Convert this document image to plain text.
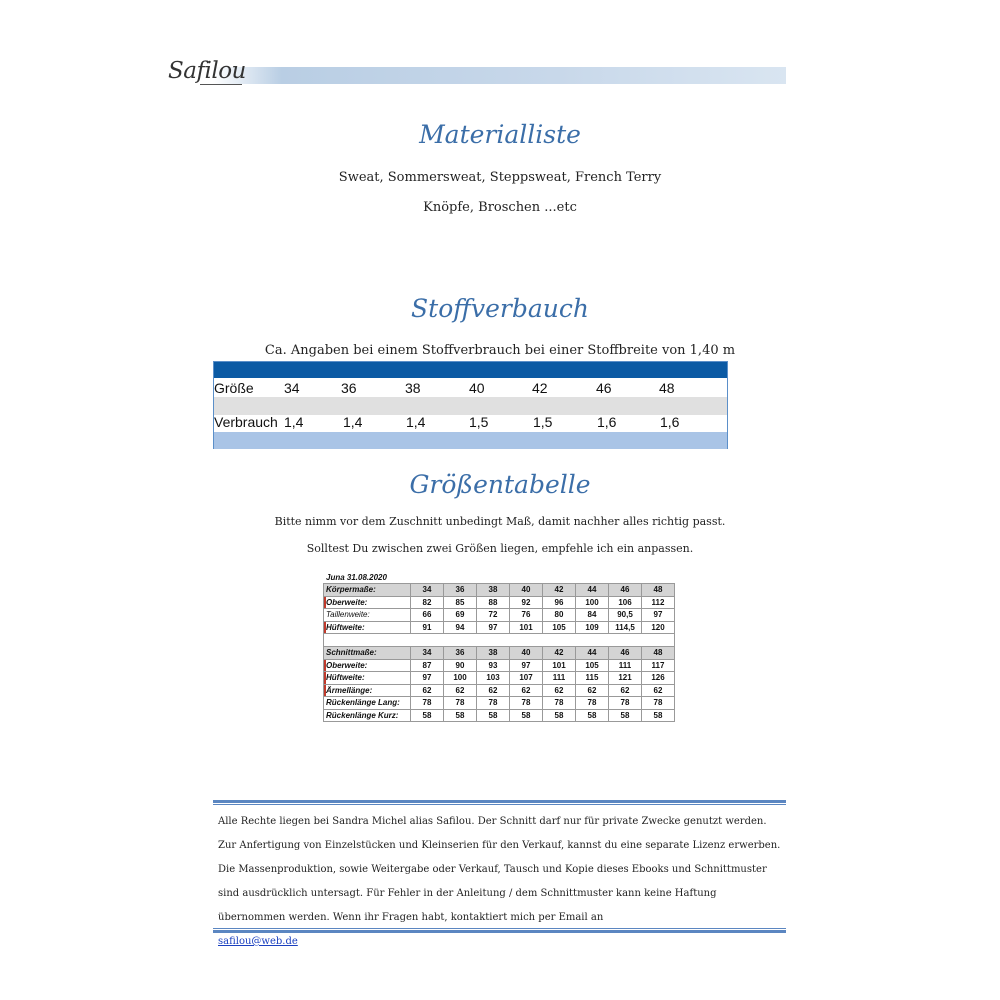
Safilou
Materialliste
Sweat, Sommersweat, Steppsweat, French Terry
Knöpfe, Broschen ...etc
Stoffverbauch
Ca. Angaben bei einem Stoffverbrauch bei einer Stoffbreite von 1,40 m
Größe 34	36	38	40	42	46	48
Verbrauch 1,4	1,4	1,4	1,5	1,5	1,6	1,6
Größentabelle
Bitte nimm vor dem Zuschnitt unbedingt Maß, damit nachher alles richtig passt.
Solltest Du zwischen zwei Größen liegen, empfehle ich ein anpassen.
Juna 31.08.2020
Körpermaße:	34	36	38	40	42	44	46	48
Oberweite:	82	85	88	92	96	100	106	112
Taillenweite:	66	69	72	76	80	84	90,5	97
Hüftweite:	91	94	97	101	105	109	114,5	120

Schnittmaße:	34	36	38	40	42	44	46	48
Oberweite:	87	90	93	97	101	105	111	117
Hüftweite:	97	100	103	107	111	115	121	126
Ärmellänge:	62	62	62	62	62	62	62	62
Rückenlänge Lang:	78	78	78	78	78	78	78	78
Rückenlänge Kurz:	58	58	58	58	58	58	58	58
Alle Rechte liegen bei Sandra Michel alias Safilou. Der Schnitt darf nur für private Zwecke genutzt werden. Zur Anfertigung von Einzelstücken und Kleinserien für den Verkauf, kannst du eine separate Lizenz erwerben. Die Massenproduktion, sowie Weitergabe oder Verkauf, Tausch und Kopie dieses Ebooks und Schnittmuster sind ausdrücklich untersagt. Für Fehler in der Anleitung / dem Schnittmuster kann keine Haftung übernommen werden. Wenn ihr Fragen habt, kontaktiert mich per Email an
safilou@web.de
